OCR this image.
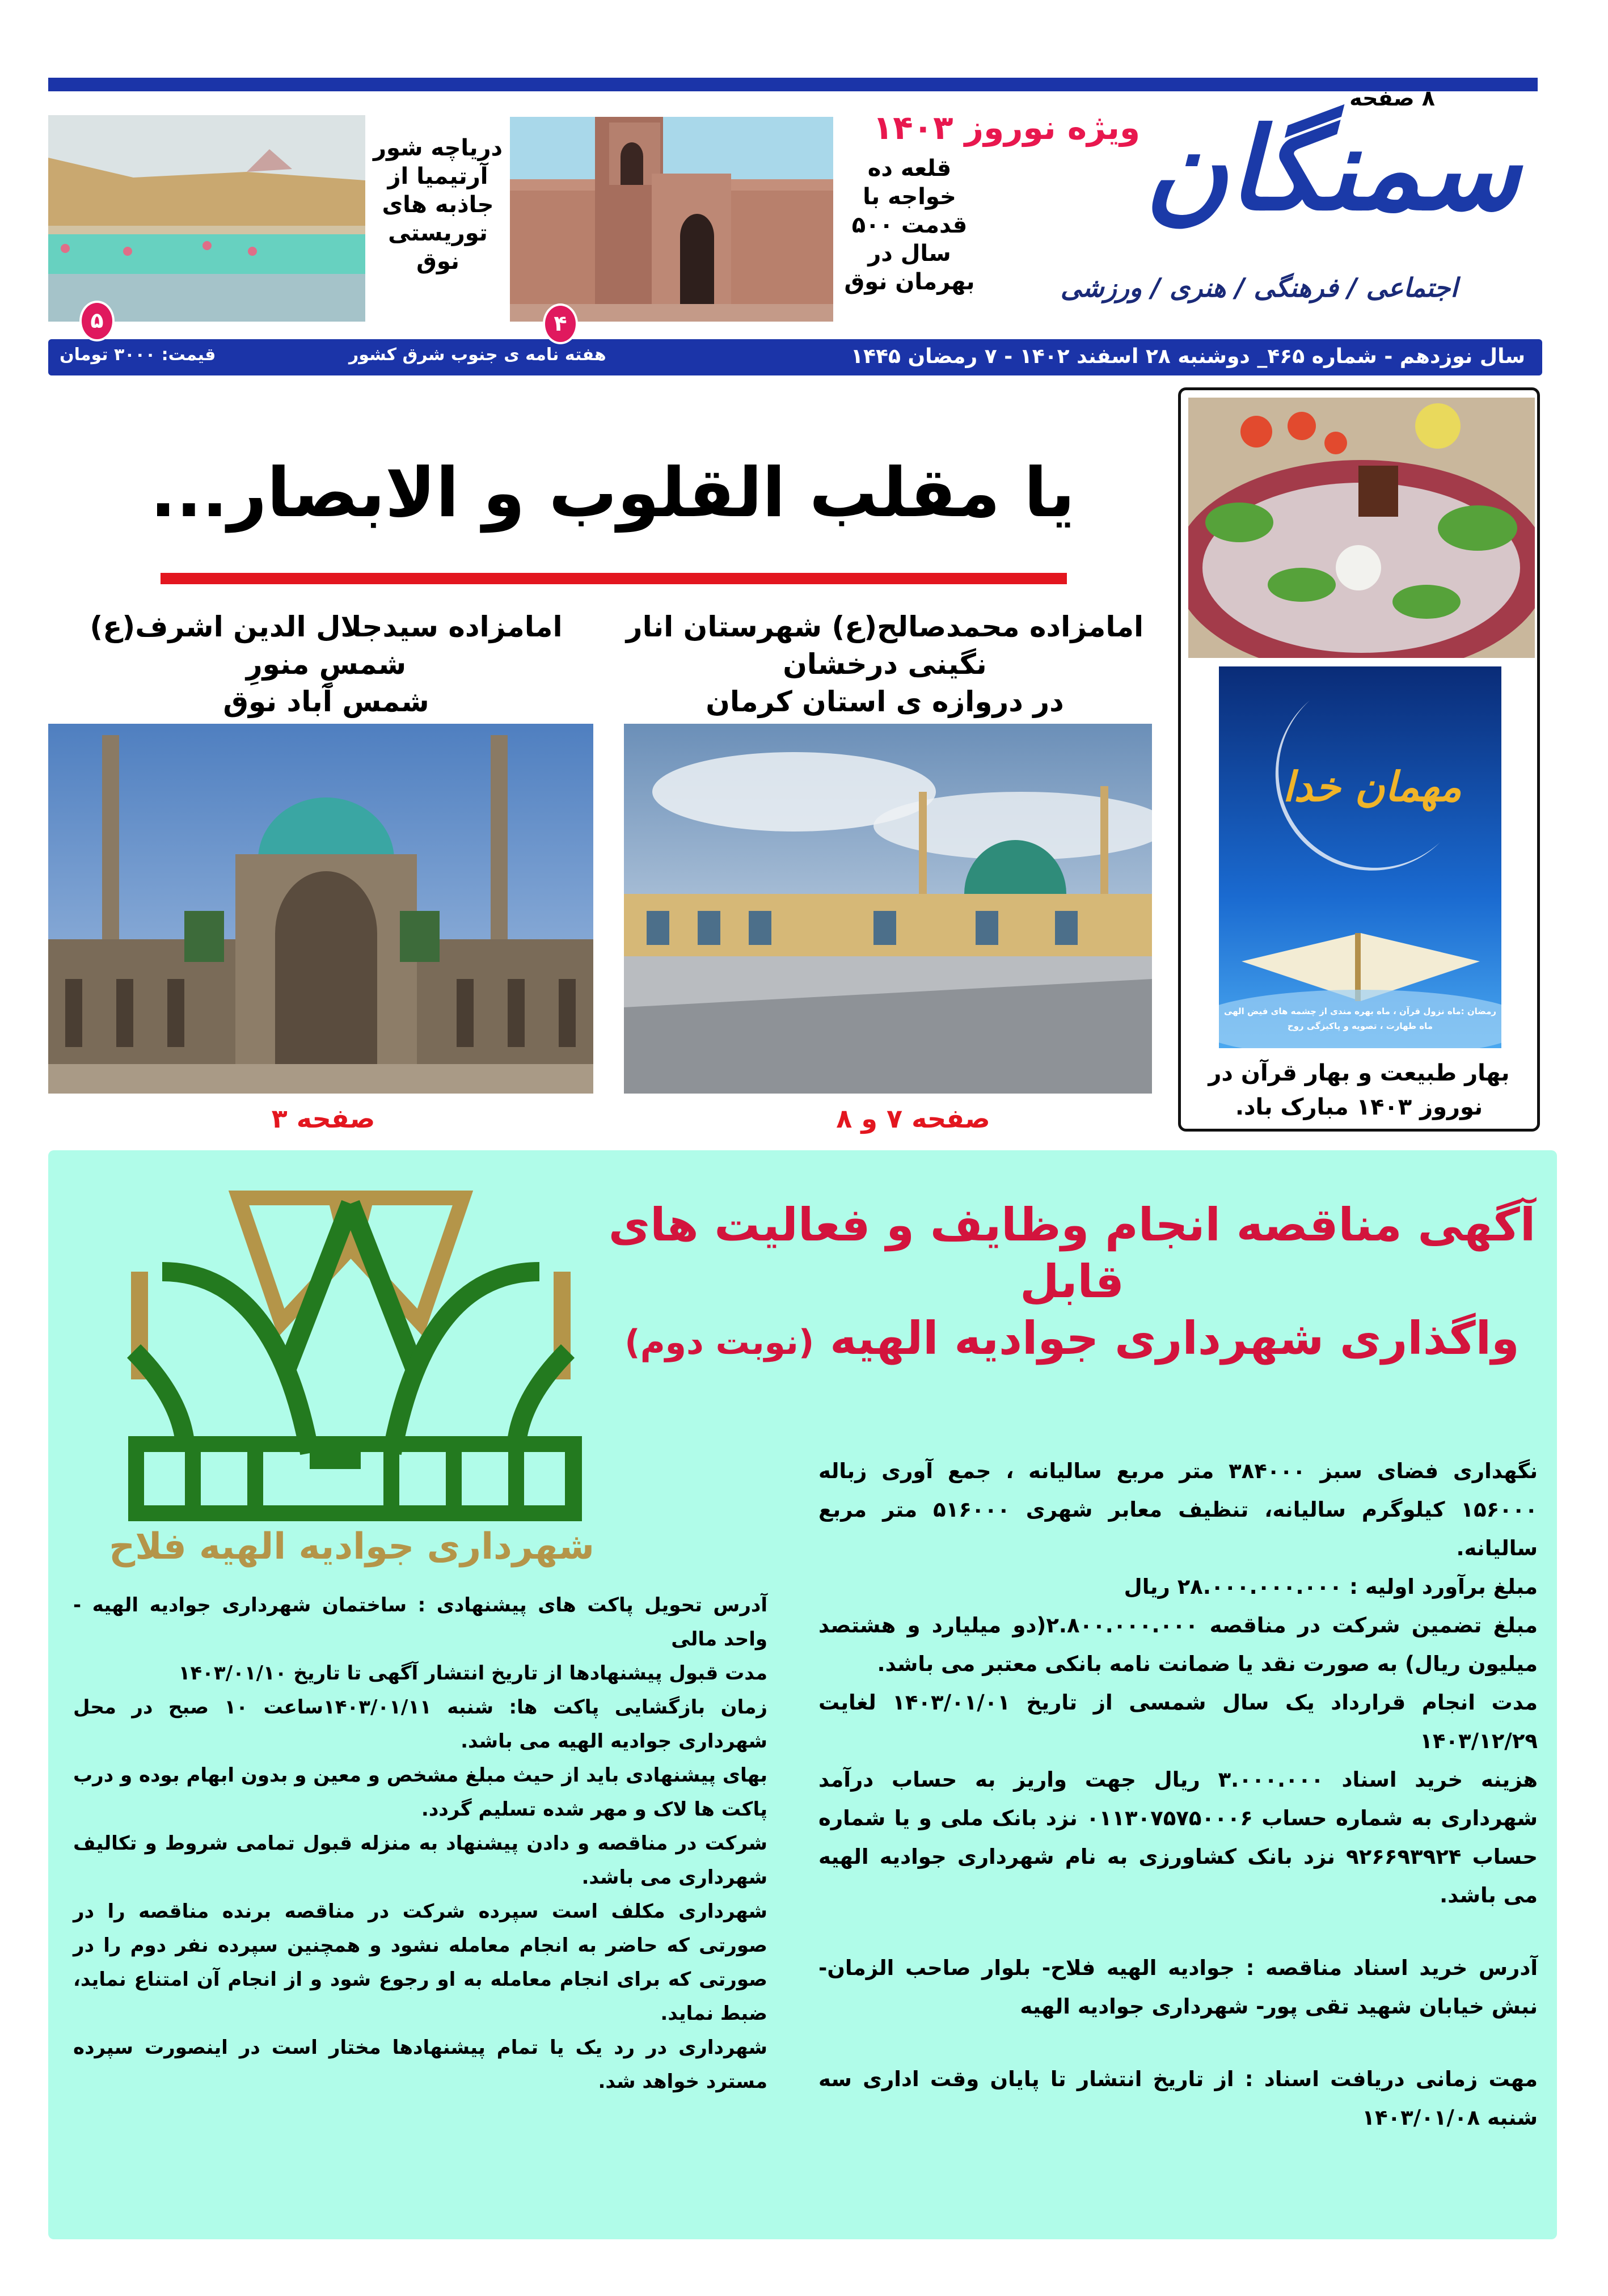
سمنگان
اجتماعی / فرهنگی / هنری / ورزشی
۸ صفحه
ویژه نوروز ۱۴۰۳
قلعه ده خواجه با قدمت ۵۰۰ سال در بهرمان نوق
۴
دریاچه شور آرتیمیا از جاذبه های توریستی نوق
۵
سال نوزدهم - شماره ۴۶۵_ دوشنبه ۲۸ اسفند ۱۴۰۲ - ۷ رمضان ۱۴۴۵
هفته نامه ی جنوب شرق کشور
قیمت: ۳۰۰۰ تومان
یا مقلب القلوب و الابصار...
امامزاده محمدصالح(ع) شهرستان انار نگینی درخشان
در دروازه ی استان کرمان
صفحه ۷ و ۸
امامزاده سیدجلال الدین اشرف(ع) شمسِ منورِ
شمس آباد نوق
صفحه ۳
مهمان خدا
رمضان :ماه نزول قرآن ، ماه بهره مندی از چشمه های فیض الهی
ماه طهارت ، تصویه و پاکیزگی روح
بهار طبیعت و بهار قرآن در نوروز ۱۴۰۳ مبارک باد.
شهرداری جوادیه الهیه فلاح
آگهی مناقصه انجام وظایف و فعالیت های قابل
واگذاری شهرداری جوادیه الهیه (نوبت دوم)

نگهداری فضای سبز ۳۸۴۰۰۰ متر مربع سالیانه ، جمع آوری زباله ۱۵۶۰۰۰ کیلوگرم سالیانه، تنظیف معابر شهری ۵۱۶۰۰۰ متر مربع سالیانه.

مبلغ برآورد اولیه : ۲۸.۰۰۰.۰۰۰.۰۰۰ ریال

مبلغ تضمین شرکت در مناقصه ۲.۸۰۰.۰۰۰.۰۰۰(دو میلیارد و هشتصد میلیون ریال) به صورت نقد یا ضمانت نامه بانکی معتبر می باشد.

مدت انجام قرارداد یک سال شمسی از تاریخ ۱۴۰۳/۰۱/۰۱ لغایت ۱۴۰۳/۱۲/۲۹

هزینه خرید اسناد ۳.۰۰۰.۰۰۰ ریال جهت واریز به حساب درآمد شهرداری به شماره حساب ۰۱۱۳۰۷۵۷۵۰۰۰۶ نزد بانک ملی و یا شماره حساب ۹۲۶۶۹۳۹۲۴ نزد بانک کشاورزی به نام شهرداری جوادیه الهیه می باشد.

آدرس خرید اسناد مناقصه : جوادیه الهیه فلاح- بلوار صاحب الزمان- نبش خیابان شهید تقی پور- شهرداری جوادیه الهیه

مهت زمانی دریافت اسناد : از تاریخ انتشار تا پایان وقت اداری سه شنبه ۱۴۰۳/۰۱/۰۸

آدرس تحویل پاکت های پیشنهادی : ساختمان شهرداری جوادیه الهیه - واحد مالی

مدت قبول پیشنهادها از تاریخ انتشار آگهی تا تاریخ ۱۴۰۳/۰۱/۱۰

زمان بازگشایی پاکت ها: شنبه ۱۴۰۳/۰۱/۱۱ساعت ۱۰ صبح در محل شهرداری جوادیه الهیه می باشد.

بهای پیشنهادی باید از حیث مبلغ مشخص و معین و بدون ابهام بوده و درب پاکت ها لاک و مهر شده تسلیم گردد.

شرکت در مناقصه و دادن پیشنهاد به منزله قبول تمامی شروط و تکالیف شهرداری می باشد.

شهرداری مکلف است سپرده شرکت در مناقصه برنده مناقصه را در صورتی که حاضر به انجام معامله نشود و همچنین سپرده نفر دوم را در صورتی که برای انجام معامله به او رجوع شود و از انجام آن امتناع نماید، ضبط نماید.

شهرداری در رد یک یا تمام پیشنهادها مختار است در اینصورت سپرده مسترد خواهد شد.
